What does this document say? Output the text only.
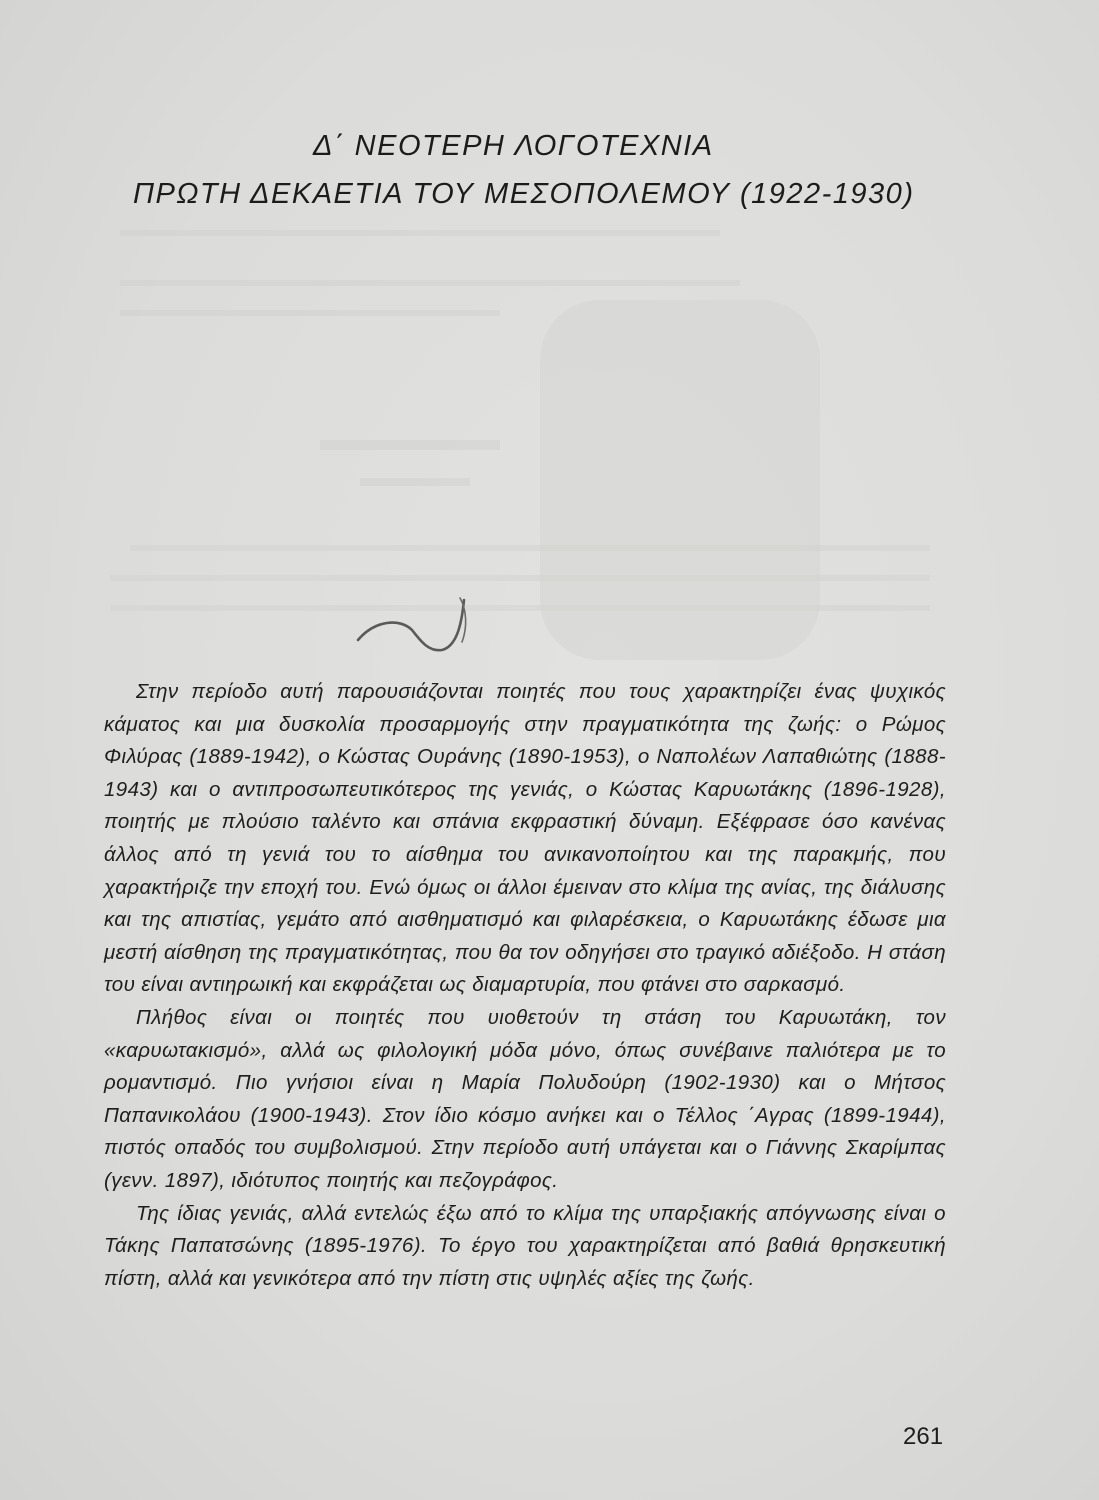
Δ΄ ΝΕΟΤΕΡΗ ΛΟΓΟΤΕΧΝΙΑ
ΠΡΩΤΗ ΔΕΚΑΕΤΙΑ ΤΟΥ ΜΕΣΟΠΟΛΕΜΟΥ (1922-1930)

Στην περίοδο αυτή παρουσιάζονται ποιητές που τους χαρακτηρίζει ένας ψυχικός κάματος και μια δυσκολία προσαρμογής στην πραγματικότητα της ζωής: ο Ρώμος Φιλύρας (1889-1942), ο Κώστας Ουράνης (1890-1953), ο Ναπολέων Λαπαθιώτης (1888-1943) και ο αντιπροσωπευτικότερος της γενιάς, ο Κώστας Καρυωτάκης (1896-1928), ποιητής με πλούσιο ταλέντο και σπάνια εκφραστική δύναμη. Εξέφρασε όσο κανένας άλλος από τη γενιά του το αίσθημα του ανικανοποίητου και της παρακμής, που χαρακτήριζε την εποχή του. Ενώ όμως οι άλλοι έμειναν στο κλίμα της ανίας, της διάλυσης και της απιστίας, γεμάτο από αισθηματισμό και φιλαρέσκεια, ο Καρυωτάκης έδωσε μια μεστή αίσθηση της πραγματικότητας, που θα τον οδηγήσει στο τραγικό αδιέξοδο. Η στάση του είναι αντιηρωική και εκφράζεται ως διαμαρτυρία, που φτάνει στο σαρκασμό.

Πλήθος είναι οι ποιητές που υιοθετούν τη στάση του Καρυωτάκη, τον «καρυωτακισμό», αλλά ως φιλολογική μόδα μόνο, όπως συνέβαινε παλιότερα με το ρομαντισμό. Πιο γνήσιοι είναι η Μαρία Πολυδούρη (1902-1930) και ο Μήτσος Παπανικολάου (1900-1943). Στον ίδιο κόσμο ανήκει και ο Τέλλος ΄Αγρας (1899-1944), πιστός οπαδός του συμβολισμού. Στην περίοδο αυτή υπάγεται και ο Γιάννης Σκαρίμπας (γενν. 1897), ιδιότυπος ποιητής και πεζογράφος.

Της ίδιας γενιάς, αλλά εντελώς έξω από το κλίμα της υπαρξιακής απόγνωσης είναι ο Τάκης Παπατσώνης (1895-1976). Το έργο του χαρακτηρίζεται από βαθιά θρησκευτική πίστη, αλλά και γενικότερα από την πίστη στις υψηλές αξίες της ζωής.

261
